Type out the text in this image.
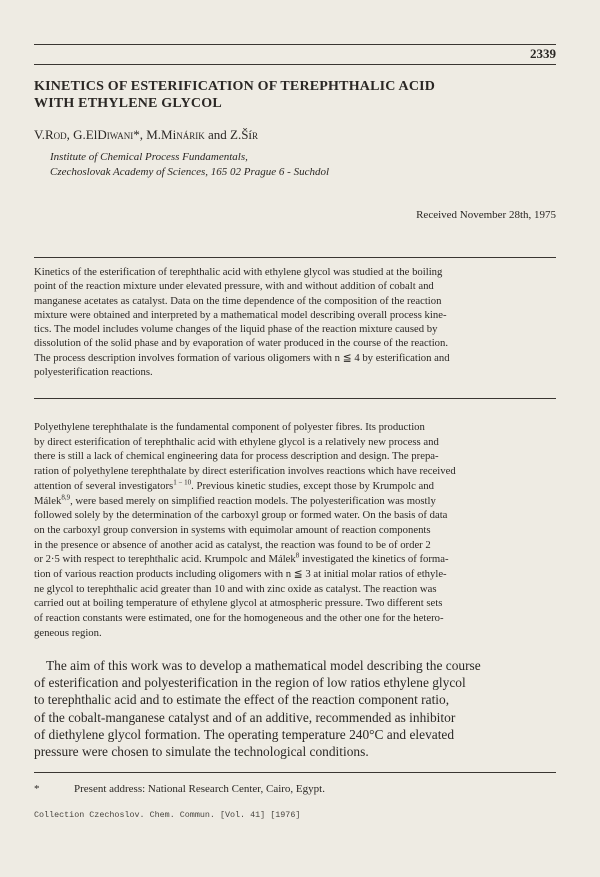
2339
KINETICS OF ESTERIFICATION OF TEREPHTHALIC ACID
WITH ETHYLENE GLYCOL
V.Rod, G.ElDiwani*, M.Minárik and Z.Šír
Institute of Chemical Process Fundamentals,
Czechoslovak Academy of Sciences, 165 02 Prague 6 - Suchdol
Received November 28th, 1975
Kinetics of the esterification of terephthalic acid with ethylene glycol was studied at the boiling
point of the reaction mixture under elevated pressure, with and without addition of cobalt and
manganese acetates as catalyst. Data on the time dependence of the composition of the reaction
mixture were obtained and interpreted by a mathematical model describing overall process kine-
tics. The model includes volume changes of the liquid phase of the reaction mixture caused by
dissolution of the solid phase and by evaporation of water produced in the course of the reaction.
The process description involves formation of various oligomers with n ≦ 4 by esterification and
polyesterification reactions.
Polyethylene terephthalate is the fundamental component of polyester fibres. Its production
by direct esterification of terephthalic acid with ethylene glycol is a relatively new process and
there is still a lack of chemical engineering data for process description and design. The prepa-
ration of polyethylene terephthalate by direct esterification involves reactions which have received
attention of several investigators$^{1 - 10}$. Previous kinetic studies, except those by Krumpolc and
Málek$^{8,9}$, were based merely on simplified reaction models. The polyesterification was mostly
followed solely by the determination of the carboxyl group or formed water. On the basis of data
on the carboxyl group conversion in systems with equimolar amount of reaction components
in the presence or absence of another acid as catalyst, the reaction was found to be of order 2
or 2·5 with respect to terephthalic acid. Krumpolc and Málek$^8$ investigated the kinetics of forma-
tion of various reaction products including oligomers with n ≦ 3 at initial molar ratios of ethyle-
ne glycol to terephthalic acid greater than 10 and with zinc oxide as catalyst. The reaction was
carried out at boiling temperature of ethylene glycol at atmospheric pressure. Two different sets
of reaction constants were estimated, one for the homogeneous and the other one for the hetero-
geneous region.
The aim of this work was to develop a mathematical model describing the course
of esterification and polyesterification in the region of low ratios ethylene glycol
to terephthalic acid and to estimate the effect of the reaction component ratio,
of the cobalt-manganese catalyst and of an additive, recommended as inhibitor
of diethylene glycol formation. The operating temperature 240°C and elevated
pressure were chosen to simulate the technological conditions.
*	Present address: National Research Center, Cairo, Egypt.
Collection Czechoslov. Chem. Commun. [Vol. 41] [1976]
